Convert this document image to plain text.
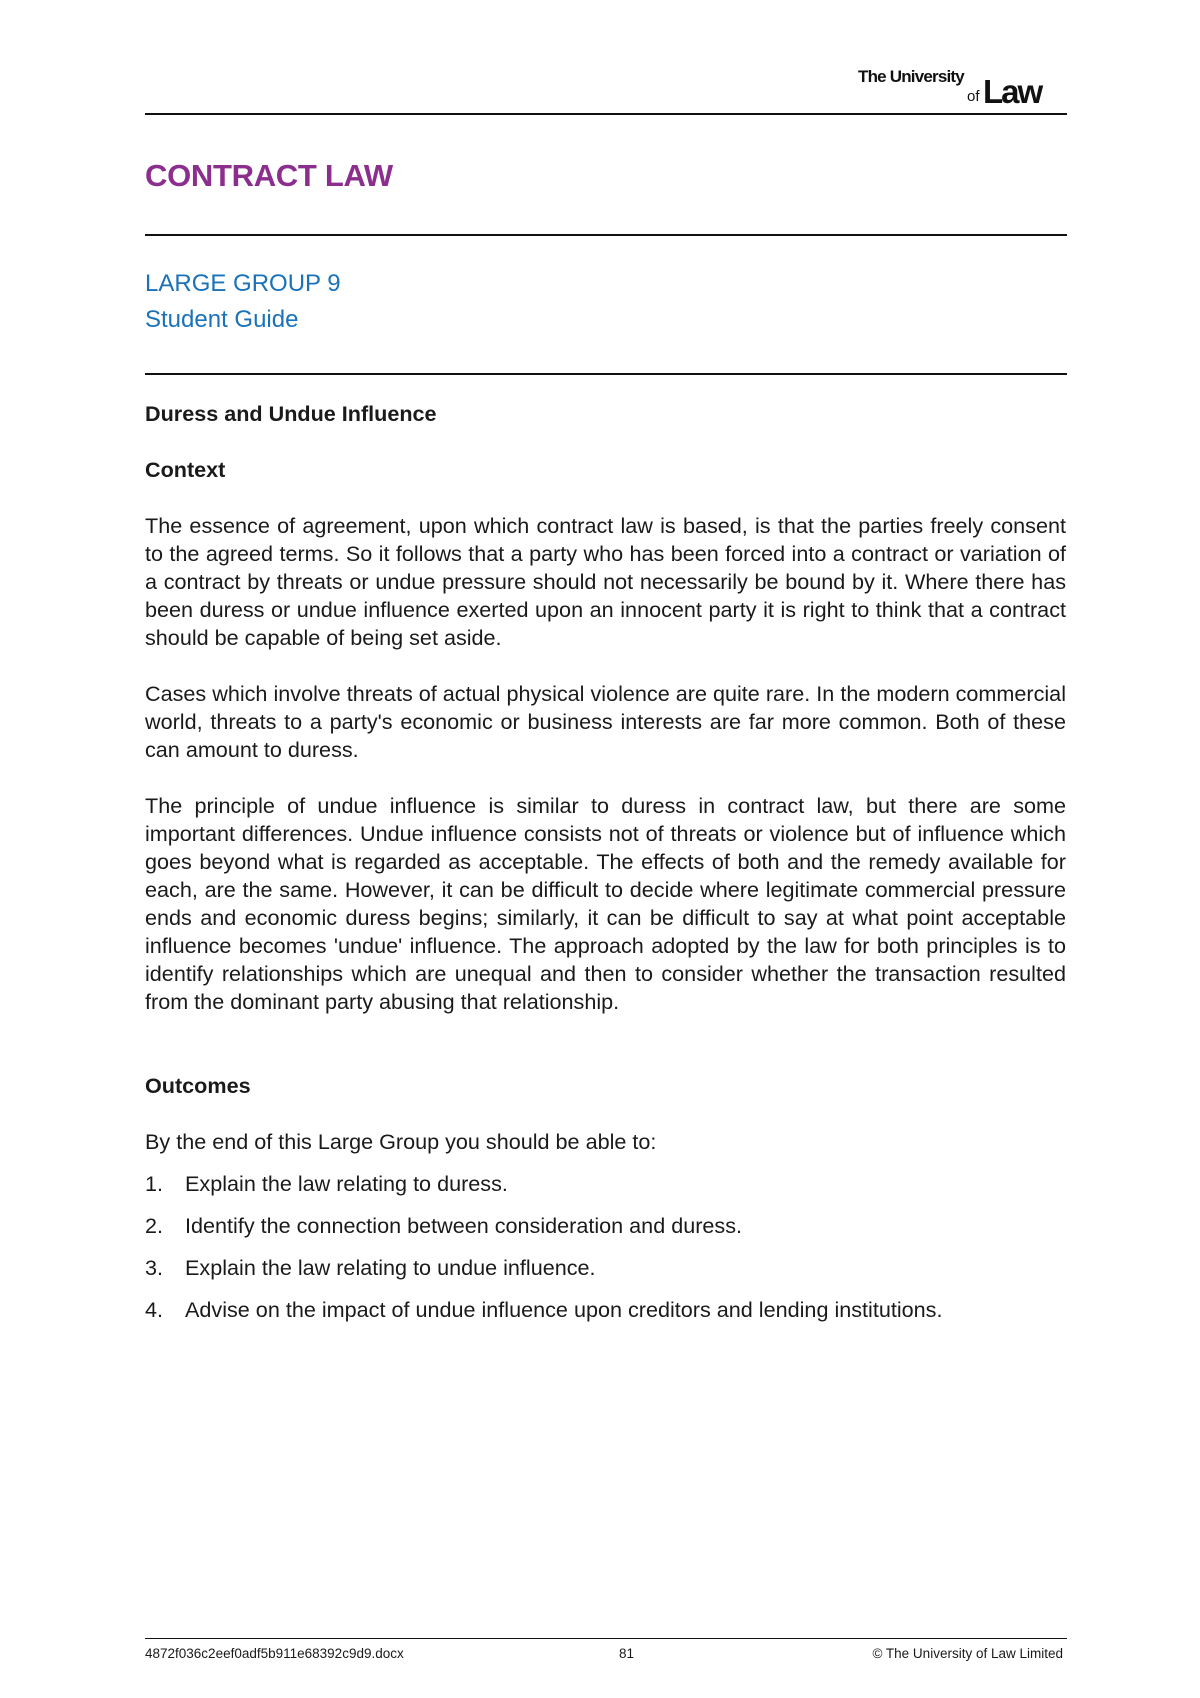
The University
of Law
CONTRACT LAW
LARGE GROUP 9
Student Guide
Duress and Undue Influence
Context

The essence of agreement, upon which contract law is based, is that the parties freely consent to the agreed terms. So it follows that a party who has been forced into a contract or variation of a contract by threats or undue pressure should not necessarily be bound by it. Where there has been duress or undue influence exerted upon an innocent party it is right to think that a contract should be capable of being set aside.

Cases which involve threats of actual physical violence are quite rare. In the modern commercial world, threats to a party's economic or business interests are far more common. Both of these can amount to duress.

The principle of undue influence is similar to duress in contract law, but there are some important differences. Undue influence consists not of threats or violence but of influence which goes beyond what is regarded as acceptable. The effects of both and the remedy available for each, are the same. However, it can be difficult to decide where legitimate commercial pressure ends and economic duress begins; similarly, it can be difficult to say at what point acceptable influence becomes 'undue' influence. The approach adopted by the law for both principles is to identify relationships which are unequal and then to consider whether the transaction resulted from the dominant party abusing that relationship.

Outcomes

By the end of this Large Group you should be able to:

1.	Explain the law relating to duress.
2.	Identify the connection between consideration and duress.
3.	Explain the law relating to undue influence.
4.	Advise on the impact of undue influence upon creditors and lending institutions.
4872f036c2eef0adf5b911e68392c9d9.docx	81	© The University of Law Limited
